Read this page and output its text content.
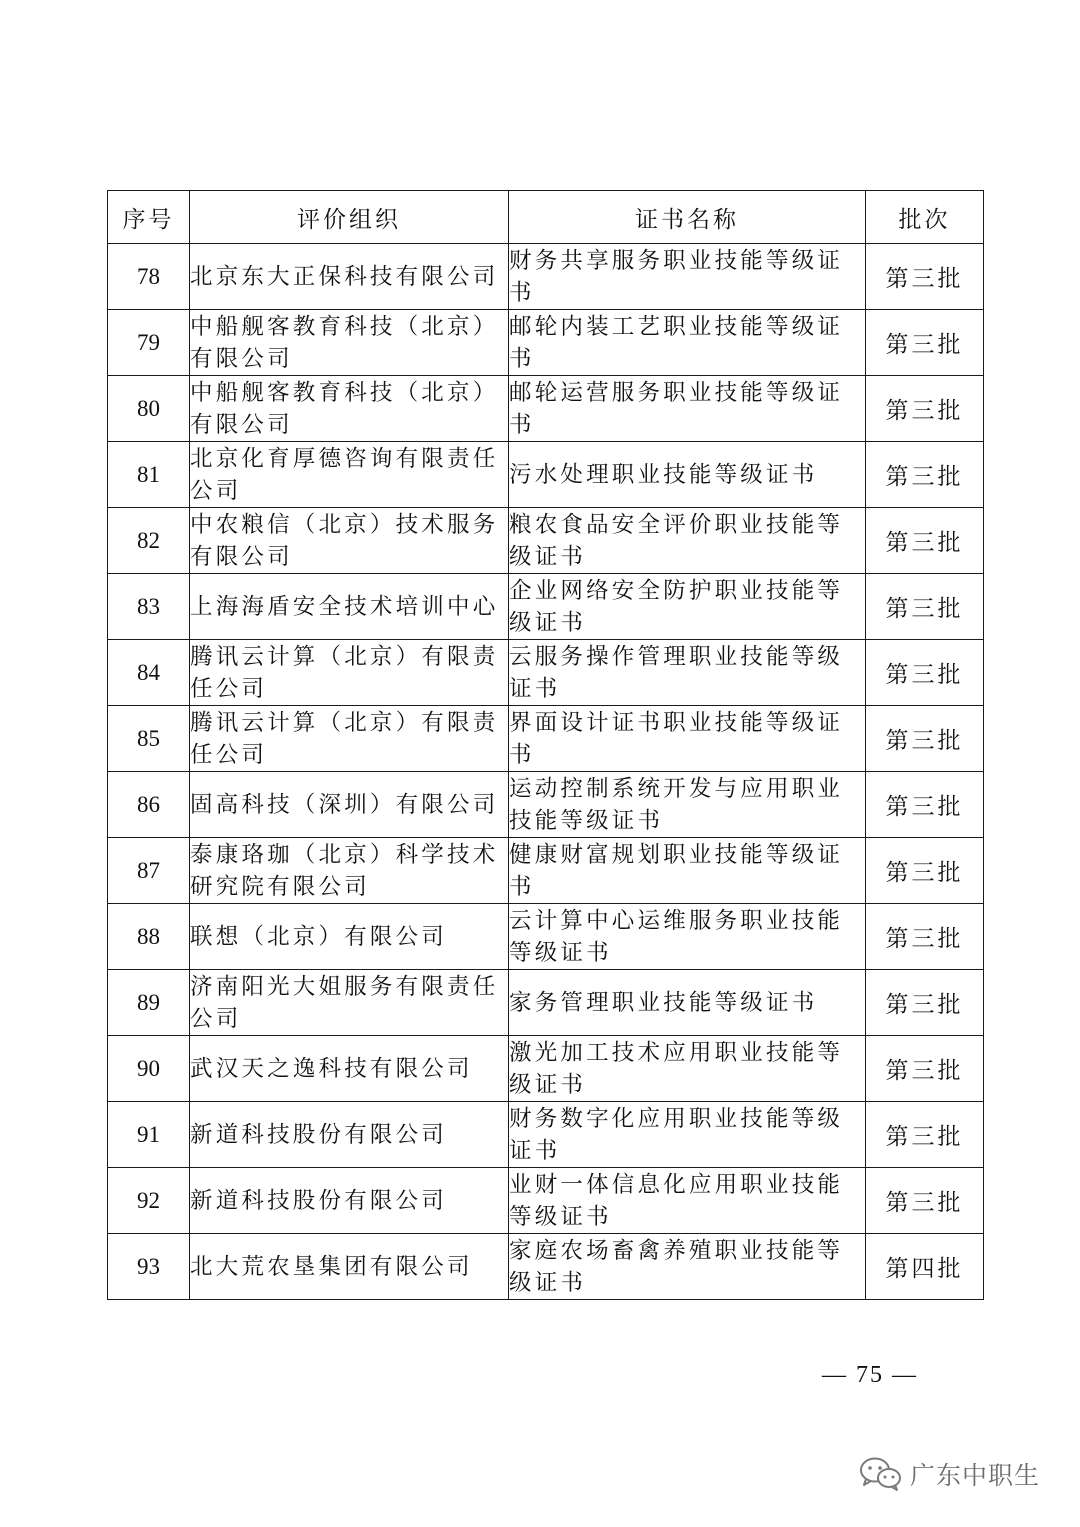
序号	评价组织	证书名称	批次
78	北京东大正保科技有限公司	财务共享服务职业技能等级证书	第三批
79	中船舰客教育科技（北京）有限公司	邮轮内装工艺职业技能等级证书	第三批
80	中船舰客教育科技（北京）有限公司	邮轮运营服务职业技能等级证书	第三批
81	北京化育厚德咨询有限责任公司	污水处理职业技能等级证书	第三批
82	中农粮信（北京）技术服务有限公司	粮农食品安全评价职业技能等级证书	第三批
83	上海海盾安全技术培训中心	企业网络安全防护职业技能等级证书	第三批
84	腾讯云计算（北京）有限责任公司	云服务操作管理职业技能等级证书	第三批
85	腾讯云计算（北京）有限责任公司	界面设计证书职业技能等级证书	第三批
86	固高科技（深圳）有限公司	运动控制系统开发与应用职业技能等级证书	第三批
87	泰康珞珈（北京）科学技术研究院有限公司	健康财富规划职业技能等级证书	第三批
88	联想（北京）有限公司	云计算中心运维服务职业技能等级证书	第三批
89	济南阳光大姐服务有限责任公司	家务管理职业技能等级证书	第三批
90	武汉天之逸科技有限公司	激光加工技术应用职业技能等级证书	第三批
91	新道科技股份有限公司	财务数字化应用职业技能等级证书	第三批
92	新道科技股份有限公司	业财一体信息化应用职业技能等级证书	第三批
93	北大荒农垦集团有限公司	家庭农场畜禽养殖职业技能等级证书	第四批
— 75 —
广东中职生
